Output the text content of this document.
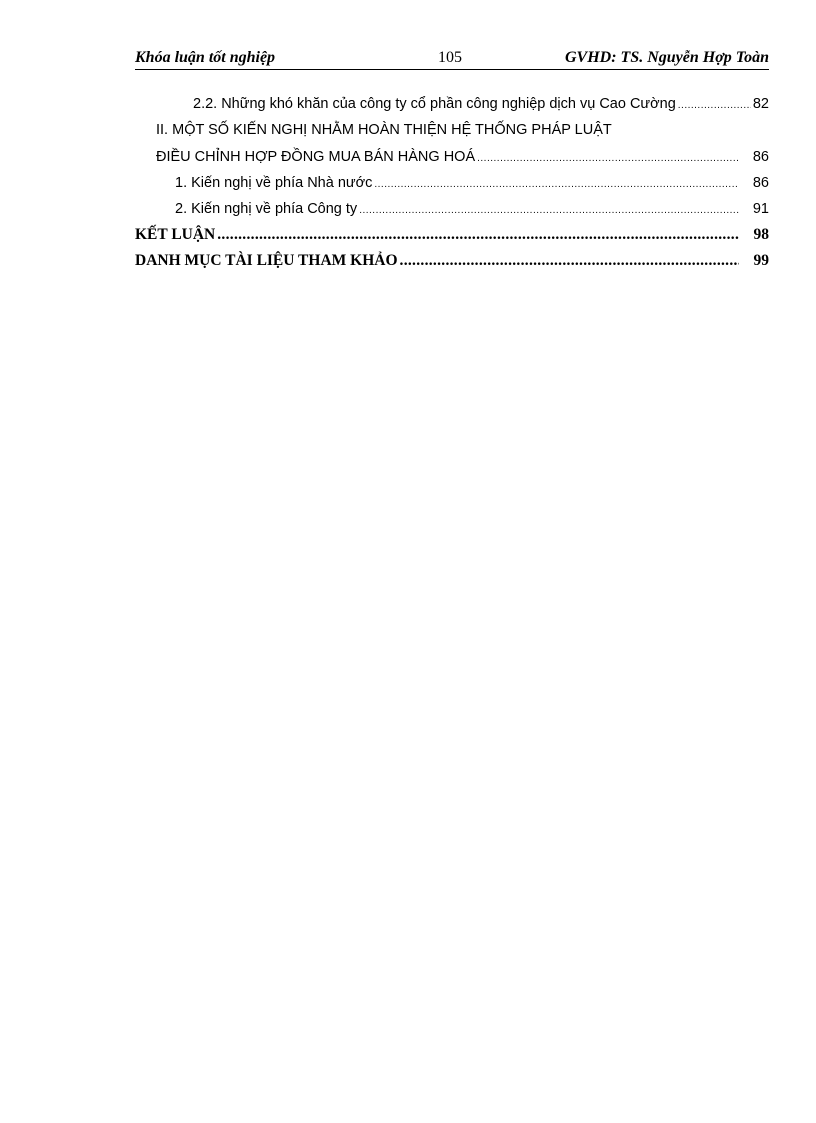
Khóa luận tốt nghiệp	105	GVHD: TS. Nguyễn Hợp Toàn
2.2. Những khó khăn của công ty cổ phần công nghiệp dịch vụ Cao Cường .....	82
II. MỘT SỐ KIẾN NGHỊ NHẰM HOÀN THIỆN HỆ THỐNG PHÁP LUẬT
ĐIỀU CHỈNH HỢP ĐỒNG MUA BÁN HÀNG HOÁ .....	86
1. Kiến nghị về phía Nhà nước .....	86
2. Kiến nghị về phía Công ty .....	91
KẾT LUẬN .....	98
DANH MỤC TÀI LIỆU THAM KHẢO .....	99
